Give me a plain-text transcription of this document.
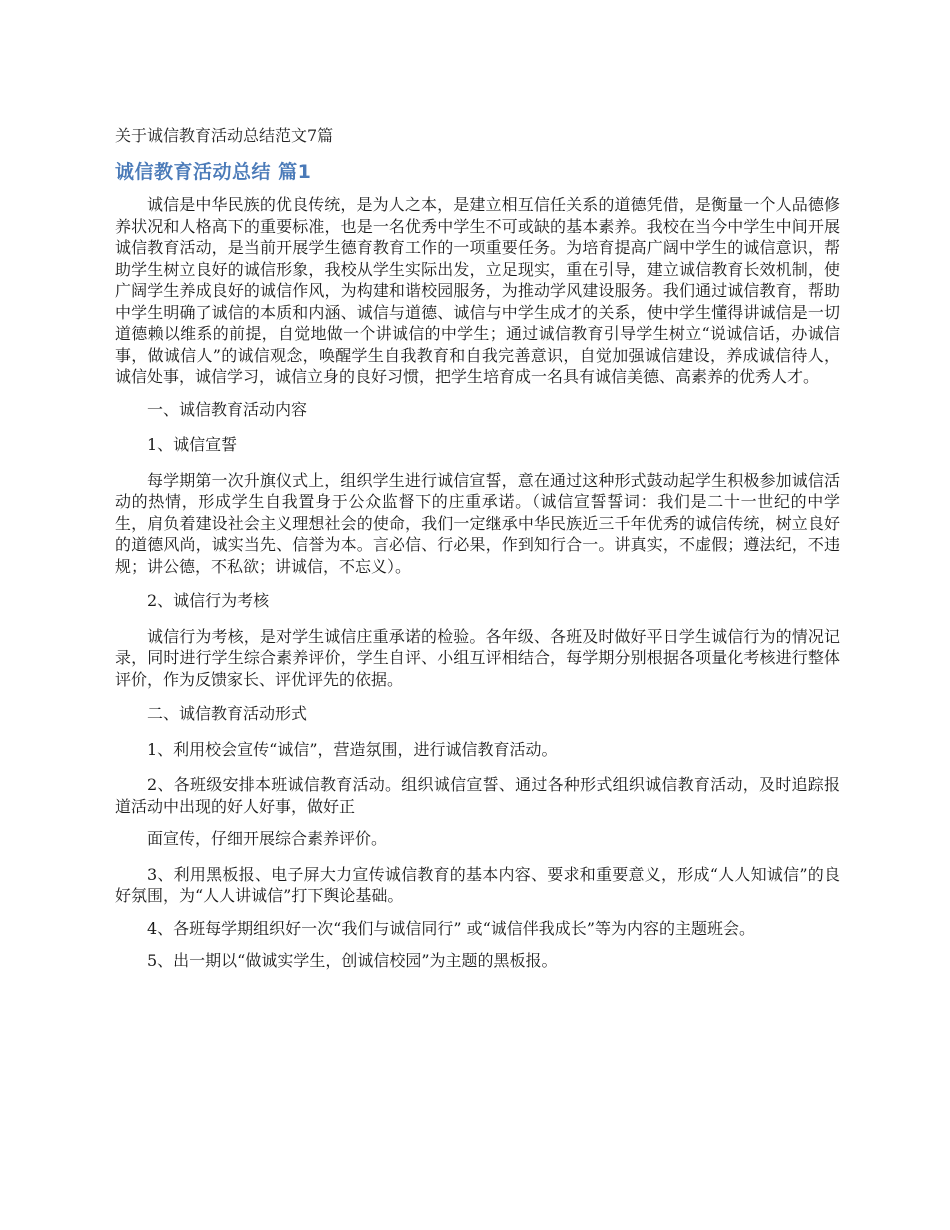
关于诚信教育活动总结范文7篇
诚信教育活动总结 篇1

诚信是中华民族的优良传统，是为人之本，是建立相互信任关系的道德凭借，是衡量一个人品德修养状况和人格高下的重要标准，也是一名优秀中学生不可或缺的基本素养。我校在当今中学生中间开展诚信教育活动，是当前开展学生德育教育工作的一项重要任务。为培育提高广阔中学生的诚信意识，帮助学生树立良好的诚信形象，我校从学生实际出发，立足现实，重在引导，建立诚信教育长效机制，使广阔学生养成良好的诚信作风，为构建和谐校园服务，为推动学风建设服务。我们通过诚信教育，帮助中学生明确了诚信的本质和内涵、诚信与道德、诚信与中学生成才的关系，使中学生懂得讲诚信是一切道德赖以维系的前提，自觉地做一个讲诚信的中学生；通过诚信教育引导学生树立“说诚信话，办诚信事，做诚信人”的诚信观念，唤醒学生自我教育和自我完善意识，自觉加强诚信建设，养成诚信待人，诚信处事，诚信学习，诚信立身的良好习惯，把学生培育成一名具有诚信美德、高素养的优秀人才。

一、诚信教育活动内容

1、诚信宣誓

每学期第一次升旗仪式上，组织学生进行诚信宣誓，意在通过这种形式鼓动起学生积极参加诚信活动的热情，形成学生自我置身于公众监督下的庄重承诺。（诚信宣誓誓词：我们是二十一世纪的中学生，肩负着建设社会主义理想社会的使命，我们一定继承中华民族近三千年优秀的诚信传统，树立良好的道德风尚，诚实当先、信誉为本。言必信、行必果，作到知行合一。讲真实，不虚假；遵法纪，不违规；讲公德，不私欲；讲诚信，不忘义）。

2、诚信行为考核

诚信行为考核，是对学生诚信庄重承诺的检验。各年级、各班及时做好平日学生诚信行为的情况记录，同时进行学生综合素养评价，学生自评、小组互评相结合，每学期分别根据各项量化考核进行整体评价，作为反馈家长、评优评先的依据。

二、诚信教育活动形式

1、利用校会宣传“诚信”，营造氛围，进行诚信教育活动。

2、各班级安排本班诚信教育活动。组织诚信宣誓、通过各种形式组织诚信教育活动，及时追踪报道活动中出现的好人好事，做好正

面宣传，仔细开展综合素养评价。

3、利用黑板报、电子屏大力宣传诚信教育的基本内容、要求和重要意义，形成“人人知诚信”的良好氛围，为“人人讲诚信”打下舆论基础。

4、各班每学期组织好一次“我们与诚信同行” 或“诚信伴我成长”等为内容的主题班会。

5、出一期以“做诚实学生，创诚信校园”为主题的黑板报。
